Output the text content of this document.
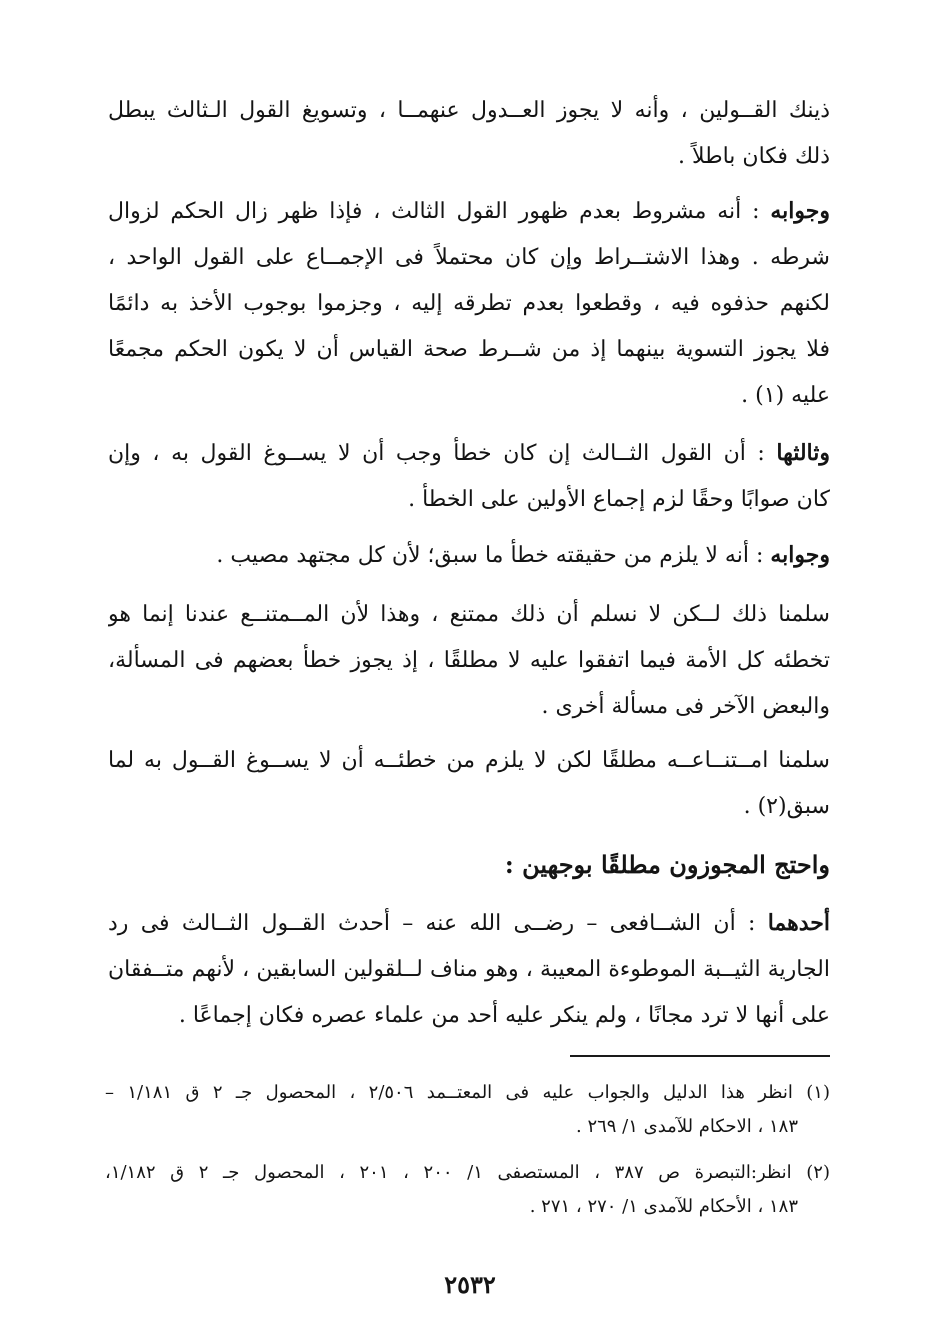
ذينك القــولين ، وأنه لا يجوز العــدول عنهمــا ، وتسويغ القول الـثالث يبطل
ذلك فكان باطلاً .

وجوابه : أنه مشروط بعدم ظهور القول الثالث ، فإذا ظهر زال الحكم لزوال
شرطه . وهذا الاشتــراط وإن كان محتملاً فى الإجمــاع على القول الواحد ،
لكنهم حذفوه فيه ، وقطعوا بعدم تطرقه إليه ، وجزموا بوجوب الأخذ به دائمًا
فلا يجوز التسوية بينهما إذ من شــرط صحة القياس أن لا يكون الحكم مجمعًا
عليه (١) .

وثالثها : أن القول الثــالث إن كان خطأ وجب أن لا يســوغ القول به ، وإن
كان صوابًا وحقًا لزم إجماع الأولين على الخطأ .

وجوابه : أنه لا يلزم من حقيقته خطأ ما سبق؛ لأن كل مجتهد مصيب .

سلمنا ذلك لــكن لا نسلم أن ذلك ممتنع ، وهذا لأن المــمتنــع عندنا إنما هو
تخطئه كل الأمة فيما اتفقوا عليه لا مطلقًا ، إذ يجوز خطأ بعضهم فى المسألة،
والبعض الآخر فى مسألة أخرى .

سلمنا امــتنــاعــه مطلقًا لكن لا يلزم من خطئــه أن لا يســوغ القــول به لما
سبق(٢) .

واحتج المجوزون مطلقًا بوجهين :

أحدهما : أن الشــافعى – رضــى الله عنه – أحدث القــول الثــالث فى رد
الجارية الثيــبة الموطوءة المعيبة ، وهو مناف لــلقولين السابقين ، لأنهم متــفقان
على أنها لا ترد مجانًا ، ولم ينكر عليه أحد من علماء عصره فكان إجماعًا .

(١) انظر هذا الدليل والجواب عليه فى المعتــمد ٢/٥٠٦ ، المحصول جـ ٢ ق ١/١٨١ –
١٨٣ ، الاحكام للآمدى ١/ ٢٦٩ .

(٢) انظر:التبصرة ص ٣٨٧ ، المستصفى ١/ ٢٠٠ ، ٢٠١ ، المحصول جـ ٢ ق ١/١٨٢،
١٨٣ ، الأحكام للآمدى ١/ ٢٧٠ ، ٢٧١ .

٢٥٣٢
